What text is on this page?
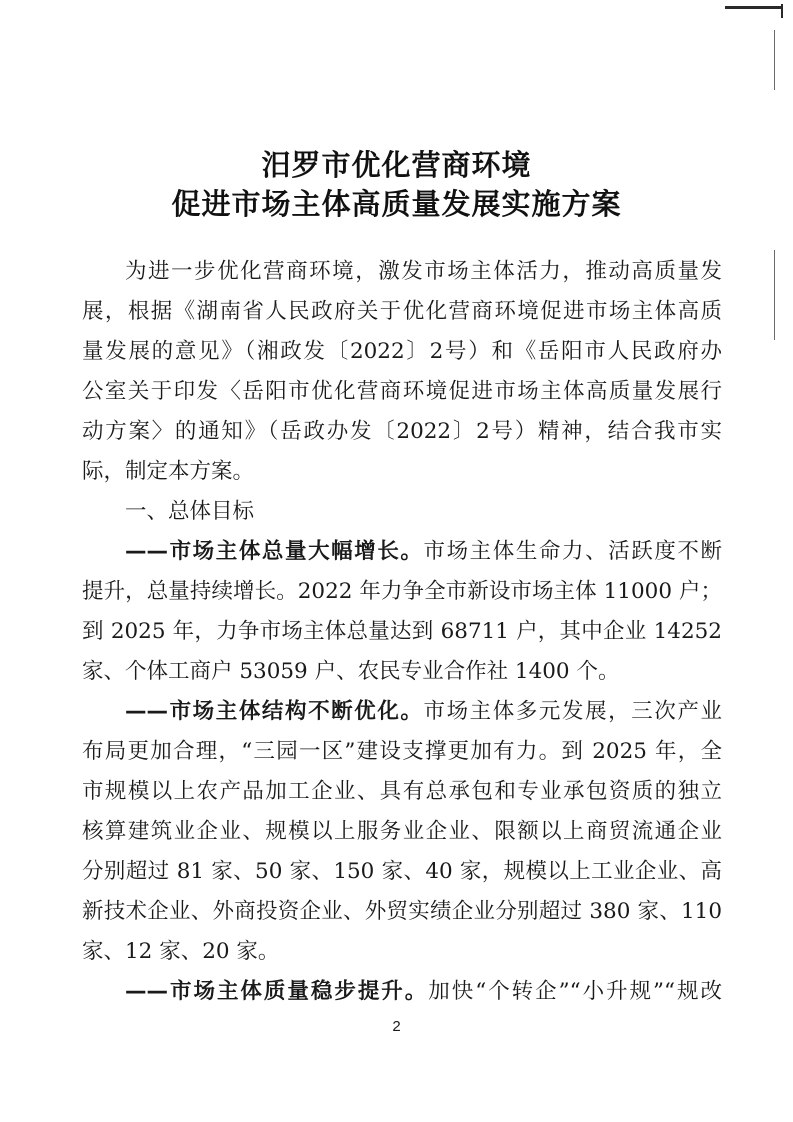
汨罗市优化营商环境
促进市场主体高质量发展实施方案
为进一步优化营商环境，激发市场主体活力，推动高质量发
展，根据《湖南省人民政府关于优化营商环境促进市场主体高质
量发展的意见》（湘政发〔2022〕2号）和《岳阳市人民政府办
公室关于印发〈岳阳市优化营商环境促进市场主体高质量发展行
动方案〉的通知》（岳政办发〔2022〕2号）精神，结合我市实
际，制定本方案。
一、总体目标
——市场主体总量大幅增长。市场主体生命力、活跃度不断
提升，总量持续增长。2022 年力争全市新设市场主体 11000 户；
到 2025 年，力争市场主体总量达到 68711 户，其中企业 14252
家、个体工商户 53059 户、农民专业合作社 1400 个。
——市场主体结构不断优化。市场主体多元发展，三次产业
布局更加合理，“三园一区”建设支撑更加有力。到 2025 年，全
市规模以上农产品加工企业、具有总承包和专业承包资质的独立
核算建筑业企业、规模以上服务业企业、限额以上商贸流通企业
分别超过 81 家、50 家、150 家、40 家，规模以上工业企业、高
新技术企业、外商投资企业、外贸实绩企业分别超过 380 家、110
家、12 家、20 家。
——市场主体质量稳步提升。加快“个转企”“小升规”“规改
2
